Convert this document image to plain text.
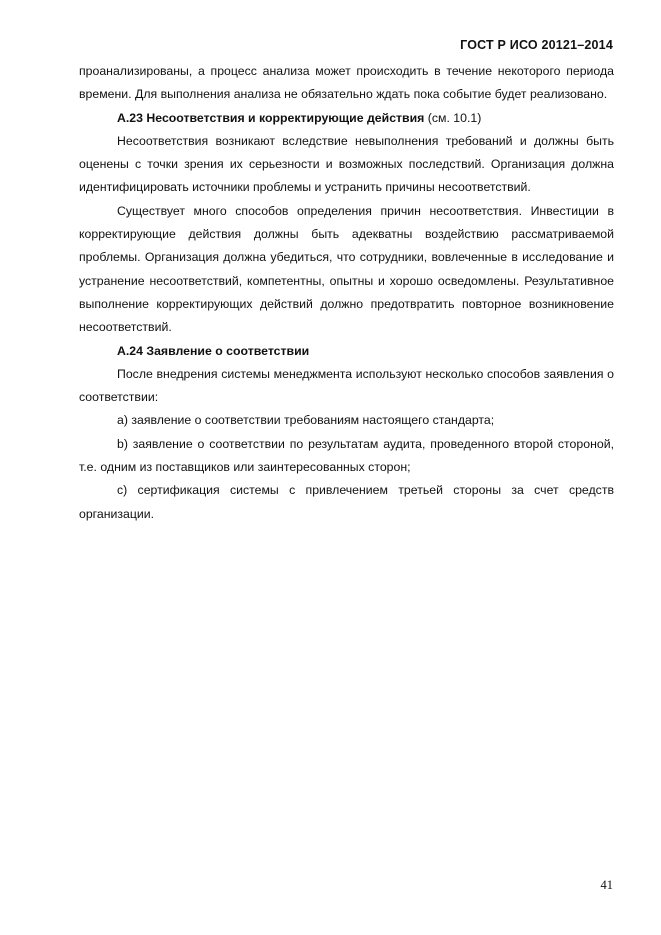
ГОСТ Р ИСО 20121–2014

проанализированы, а процесс анализа может происходить в течение некоторого периода времени. Для выполнения анализа не обязательно ждать пока событие будет реализовано.

А.23 Несоответствия и корректирующие действия (см. 10.1)

Несоответствия возникают вследствие невыполнения требований и должны быть оценены с точки зрения их серьезности и возможных последствий. Организация должна идентифицировать источники проблемы и устранить причины несоответствий.

Существует много способов определения причин несоответствия. Инвестиции в корректирующие действия должны быть адекватны воздействию рассматриваемой проблемы. Организация должна убедиться, что сотрудники, вовлеченные в исследование и устранение несоответствий, компетентны, опытны и хорошо осведомлены. Результативное выполнение корректирующих действий должно предотвратить повторное возникновение несоответствий.

А.24 Заявление о соответствии

После внедрения системы менеджмента используют несколько способов заявления о соответствии:

а) заявление о соответствии требованиям настоящего стандарта;

b) заявление о соответствии по результатам аудита, проведенного второй стороной, т.е. одним из поставщиков или заинтересованных сторон;

с) сертификация системы с привлечением третьей стороны за счет средств организации.

41
